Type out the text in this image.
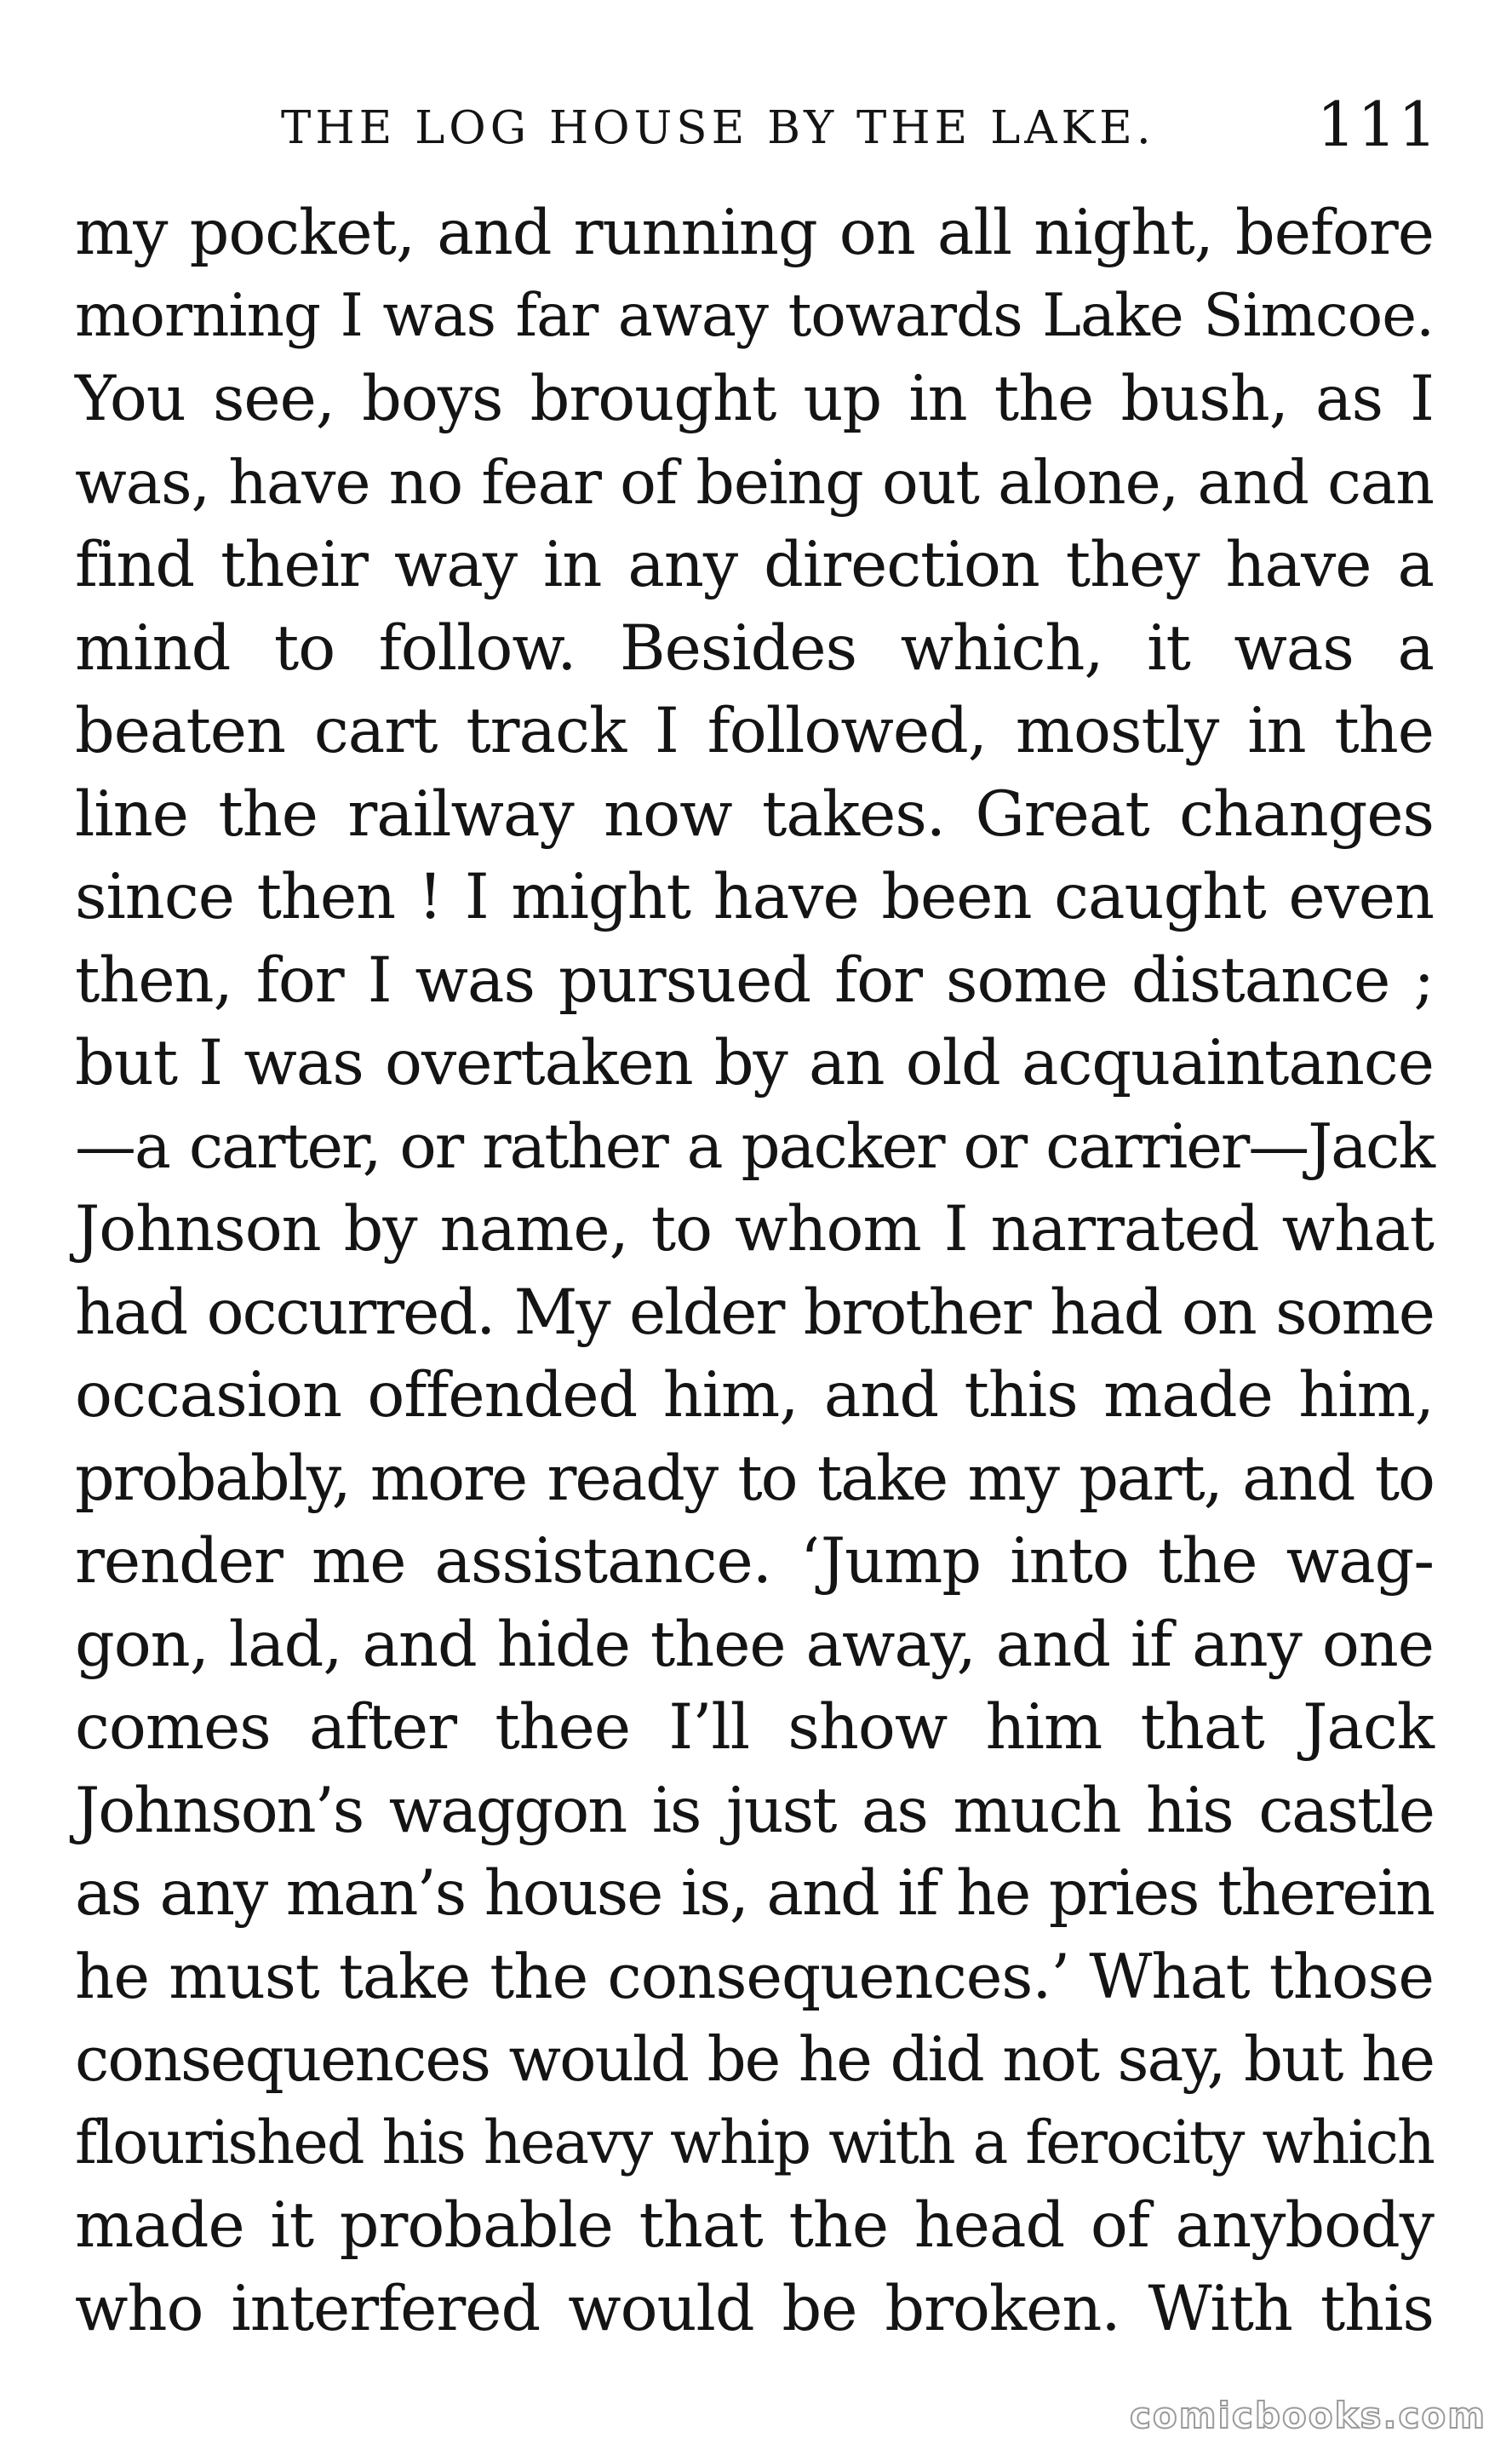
THE LOG HOUSE BY THE LAKE.	111
my pocket, and running on all night, before
morning I was far away towards Lake Simcoe.
You see, boys brought up in the bush, as I
was, have no fear of being out alone, and can
find their way in any direction they have a
mind to follow. Besides which, it was a
beaten cart track I followed, mostly in the
line the railway now takes. Great changes
since then ! I might have been caught even
then, for I was pursued for some distance ;
but I was overtaken by an old acquaintance
—a carter, or rather a packer or carrier—Jack
Johnson by name, to whom I narrated what
had occurred. My elder brother had on some
occasion offended him, and this made him,
probably, more ready to take my part, and to
render me assistance. ‘Jump into the wag-
gon, lad, and hide thee away, and if any one
comes after thee I’ll show him that Jack
Johnson’s waggon is just as much his castle
as any man’s house is, and if he pries therein
he must take the consequences.’ What those
consequences would be he did not say, but he
flourished his heavy whip with a ferocity which
made it probable that the head of anybody
who interfered would be broken. With this
comicbooks.com
